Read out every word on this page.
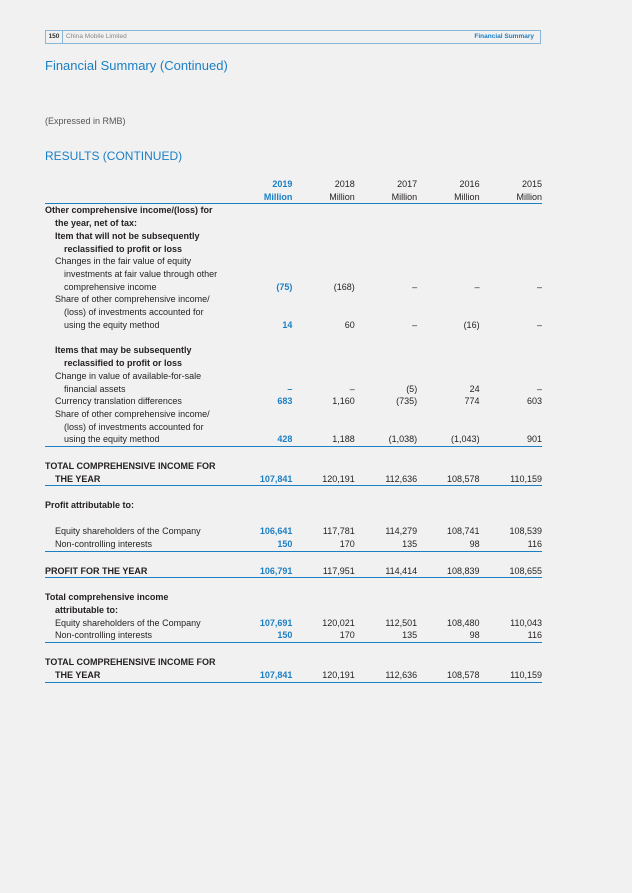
150	China Mobile Limited	Financial Summary
Financial Summary (Continued)
(Expressed in RMB)
RESULTS (CONTINUED)
	2019	2018	2017	2016	2015
	Million	Million	Million	Million	Million
Other comprehensive income/(loss) for					
the year, net of tax:					
Item that will not be subsequently					
reclassified to profit or loss					
Changes in the fair value of equity					
investments at fair value through other					
comprehensive income	(75)	(168)	–	–	–
Share of other comprehensive income/					
(loss) of investments accounted for					
using the equity method	14	60	–	(16)	–

Items that may be subsequently					
reclassified to profit or loss					
Change in value of available-for-sale					
financial assets	–	–	(5)	24	–
Currency translation differences	683	1,160	(735)	774	603
Share of other comprehensive income/					
(loss) of investments accounted for					
using the equity method	428	1,188	(1,038)	(1,043)	901

TOTAL COMPREHENSIVE INCOME FOR					
THE YEAR	107,841	120,191	112,636	108,578	110,159

Profit attributable to:					

Equity shareholders of the Company	106,641	117,781	114,279	108,741	108,539
Non-controlling interests	150	170	135	98	116

PROFIT FOR THE YEAR	106,791	117,951	114,414	108,839	108,655

Total comprehensive income					
attributable to:					
Equity shareholders of the Company	107,691	120,021	112,501	108,480	110,043
Non-controlling interests	150	170	135	98	116

TOTAL COMPREHENSIVE INCOME FOR					
THE YEAR	107,841	120,191	112,636	108,578	110,159
